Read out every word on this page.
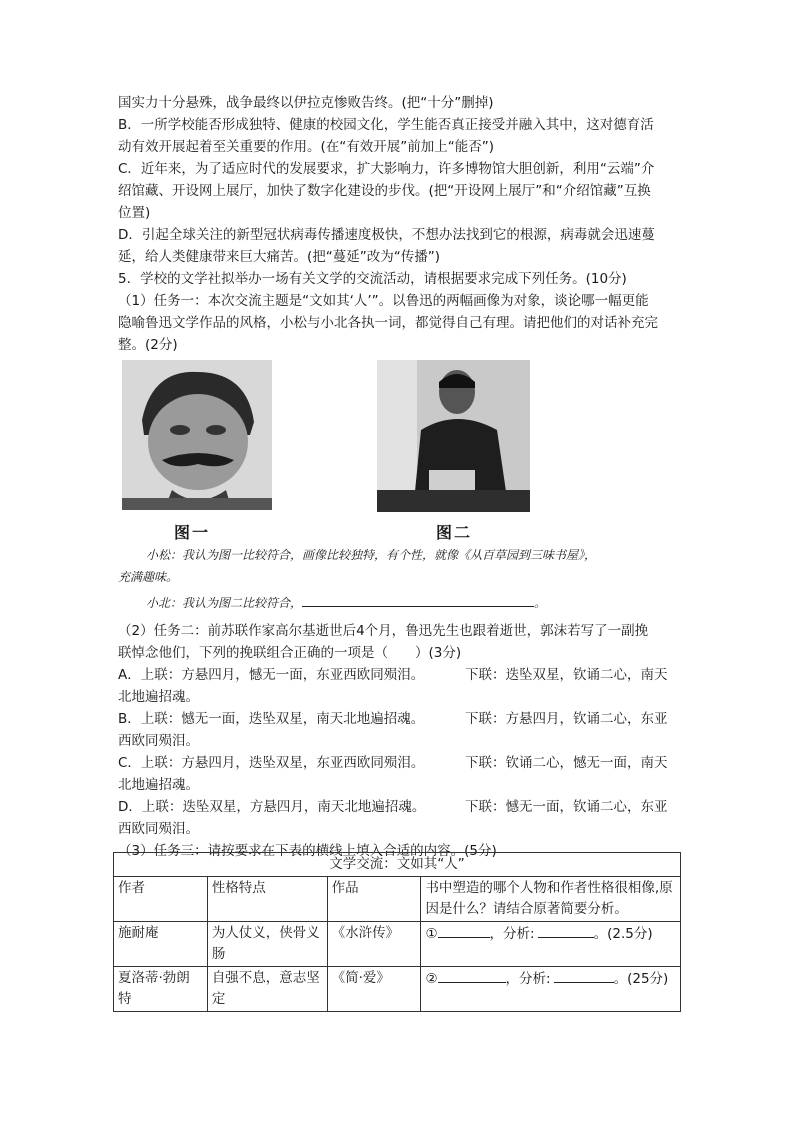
国实力十分悬殊，战争最终以伊拉克惨败告终。(把“十分”删掉)

B．一所学校能否形成独特、健康的校园文化，学生能否真正接受并融入其中，这对德育活

动有效开展起着至关重要的作用。(在“有效开展”前加上“能否”)

C．近年来，为了适应时代的发展要求，扩大影响力，许多博物馆大胆创新，利用“云端”介

绍馆藏、开设网上展厅，加快了数字化建设的步伐。(把“开设网上展厅”和“介绍馆藏”互换

位置)

D．引起全球关注的新型冠状病毒传播速度极快，不想办法找到它的根源，病毒就会迅速蔓

延，给人类健康带来巨大痛苦。(把“蔓延”改为“传播”)

5．学校的文学社拟举办一场有关文学的交流活动，请根据要求完成下列任务。(10分)

（1）任务一：本次交流主题是“文如其‘人’”。以鲁迅的两幅画像为对象，谈论哪一幅更能

隐喻鲁迅文学作品的风格，小松与小北各执一词，都觉得自己有理。请把他们的对话补充完

整。(2分)

图一	图二

小松：我认为图一比较符合，画像比较独特，有个性，就像《从百草园到三味书屋》，

充满趣味。

小北：我认为图二比较符合，	。

（2）任务二：前苏联作家高尔基逝世后4个月，鲁迅先生也跟着逝世，郭沫若写了一副挽

联悼念他们，下列的挽联组合正确的一项是（　　）(3分)

A．上联：方悬四月，憾无一面，东亚西欧同殒泪。	下联：迭坠双星，钦诵二心，南天

北地遍招魂。

B．上联：憾无一面，迭坠双星，南天北地遍招魂。	下联：方悬四月，钦诵二心，东亚

西欧同殒泪。

C．上联：方悬四月，迭坠双星，东亚西欧同殒泪。	下联：钦诵二心，憾无一面，南天

北地遍招魂。

D．上联：迭坠双星，方悬四月，南天北地遍招魂。	下联：憾无一面，钦诵二心，东亚

西欧同殒泪。

（3）任务三：请按要求在下表的横线上填入合适的内容。(5分)

文学交流：文如其“人”			
作者	性格特点	作品	书中塑造的哪个人物和作者性格很相像,原因是什么？请结合原著简要分析。
施耐庵	为人仗义，侠骨义肠	《水浒传》	① ，分析: 。(2.5分)
夏洛蒂·勃朗特	自强不息，意志坚定	《简·爱》	② ，分析: 。(25分)
